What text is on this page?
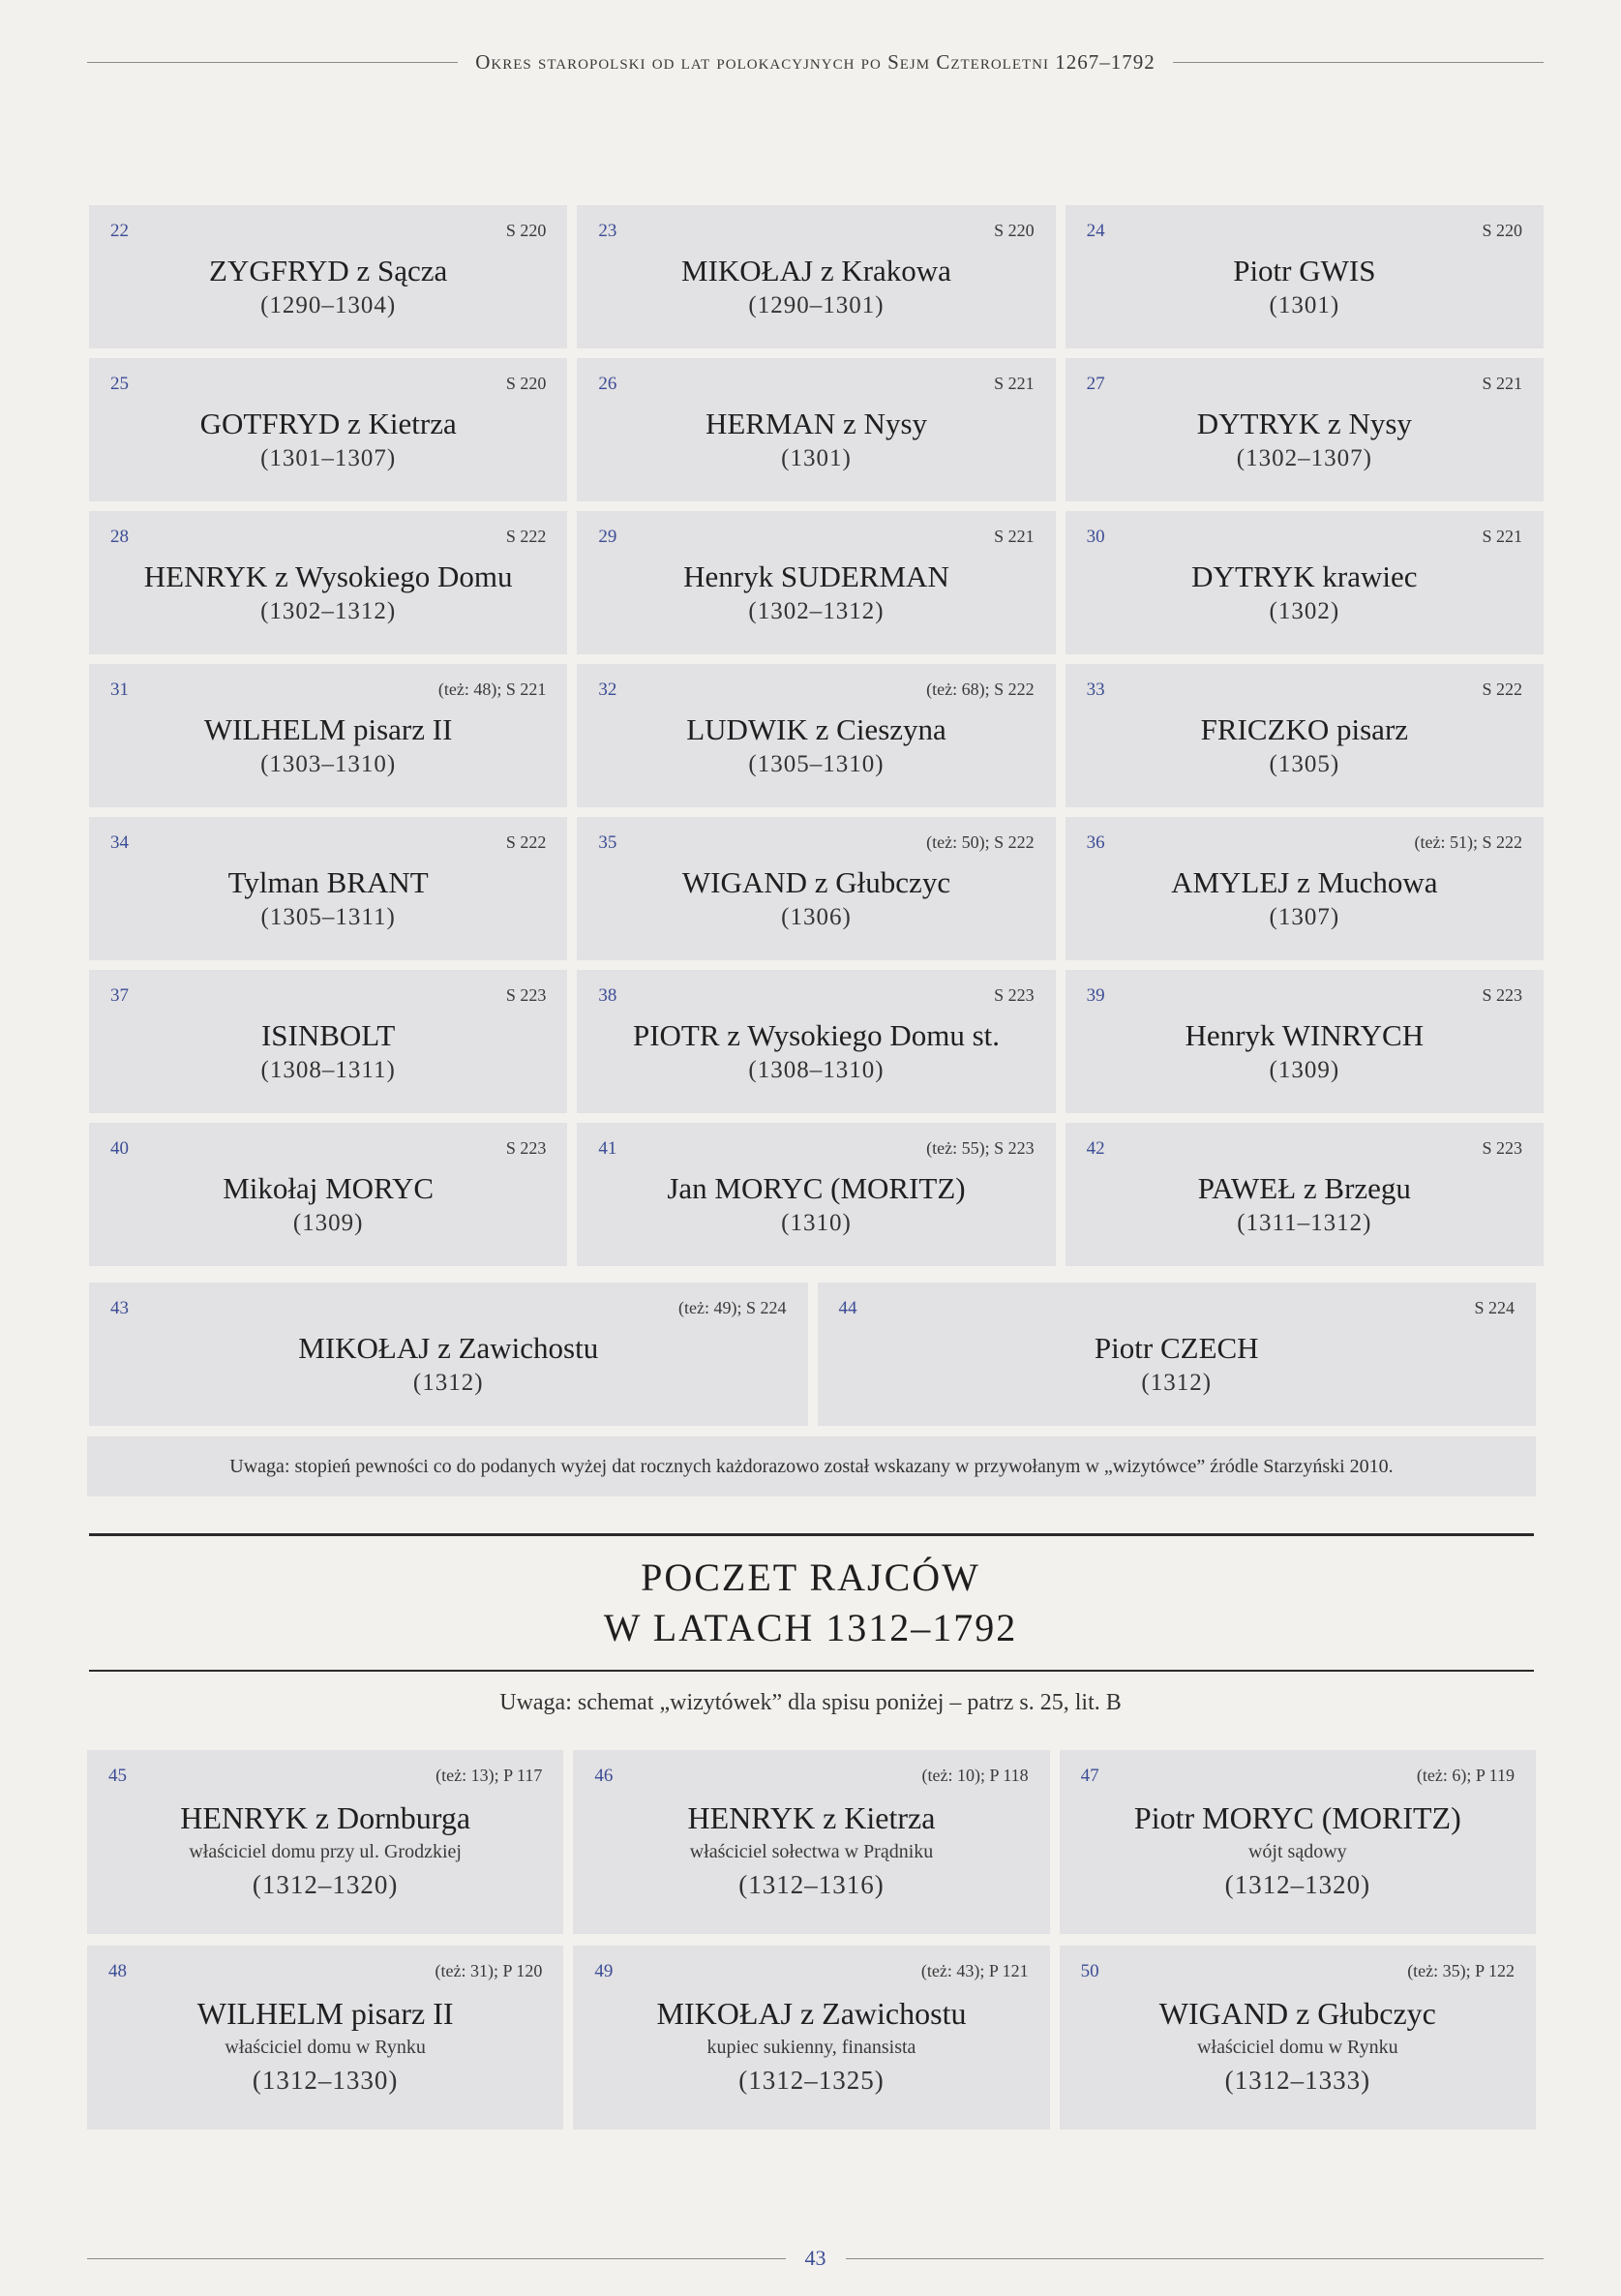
Okres staropolski od lat polokacyjnych po Sejm Czteroletni 1267–1792
22	S 220
ZYGFRYD z Sącza
(1290–1304)
23	S 220
MIKOŁAJ z Krakowa
(1290–1301)
24	S 220
Piotr GWIS
(1301)
25	S 220
GOTFRYD z Kietrza
(1301–1307)
26	S 221
HERMAN z Nysy
(1301)
27	S 221
DYTRYK z Nysy
(1302–1307)
28	S 222
HENRYK z Wysokiego Domu
(1302–1312)
29	S 221
Henryk SUDERMAN
(1302–1312)
30	S 221
DYTRYK krawiec
(1302)
31	(też: 48); S 221
WILHELM pisarz II
(1303–1310)
32	(też: 68); S 222
LUDWIK z Cieszyna
(1305–1310)
33	S 222
FRICZKO pisarz
(1305)
34	S 222
Tylman BRANT
(1305–1311)
35	(też: 50); S 222
WIGAND z Głubczyc
(1306)
36	(też: 51); S 222
AMYLEJ z Muchowa
(1307)
37	S 223
ISINBOLT
(1308–1311)
38	S 223
PIOTR z Wysokiego Domu st.
(1308–1310)
39	S 223
Henryk WINRYCH
(1309)
40	S 223
Mikołaj MORYC
(1309)
41	(też: 55); S 223
Jan MORYC (MORITZ)
(1310)
42	S 223
PAWEŁ z Brzegu
(1311–1312)
43	(też: 49); S 224
MIKOŁAJ z Zawichostu
(1312)
44	S 224
Piotr CZECH
(1312)
Uwaga: stopień pewności co do podanych wyżej dat rocznych każdorazowo został wskazany w przywołanym w „wizytówce” źródle Starzyński 2010.
POCZET RAJCÓW
W LATACH 1312–1792
Uwaga: schemat „wizytówek” dla spisu poniżej – patrz s. 25, lit. B
45	(też: 13); P 117
HENRYK z Dornburga
właściciel domu przy ul. Grodzkiej
(1312–1320)
46	(też: 10); P 118
HENRYK z Kietrza
właściciel sołectwa w Prądniku
(1312–1316)
47	(też: 6); P 119
Piotr MORYC (MORITZ)
wójt sądowy
(1312–1320)
48	(też: 31); P 120
WILHELM pisarz II
właściciel domu w Rynku
(1312–1330)
49	(też: 43); P 121
MIKOŁAJ z Zawichostu
kupiec sukienny, finansista
(1312–1325)
50	(też: 35); P 122
WIGAND z Głubczyc
właściciel domu w Rynku
(1312–1333)
43
